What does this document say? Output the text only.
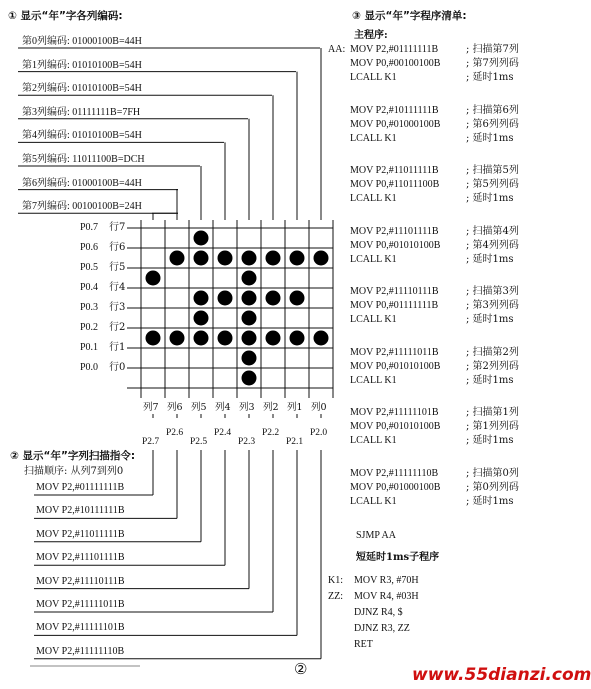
① 显示“年”字各列编码:
第0列编码: 01000100B=44H
第1列编码: 01010100B=54H
第2列编码: 01010100B=54H
第3列编码: 01111111B=7FH
第4列编码: 01010100B=54H
第5列编码: 11011100B=DCH
第6列编码: 01000100B=44H
第7列编码: 00100100B=24H
P0.7 行7
P0.6 行6
P0.5 行5
P0.4 行4
P0.3 行3
P0.2 行2
P0.1 行1
P0.0 行0
列7 列6 列5 列4 列3 列2 列1 列0
P2.7
P2.6
P2.5
P2.4
P2.3
P2.2
P2.1
P2.0
② 显示“年”字列扫描指令:
扫描顺序: 从列7到列0
MOV P2,#01111111B
MOV P2,#10111111B
MOV P2,#11011111B
MOV P2,#11101111B
MOV P2,#11110111B
MOV P2,#11111011B
MOV P2,#11111101B
MOV P2,#11111110B
③ 显示“年”字程序清单:
主程序:
AA: MOV P2,#01111111B	; 扫描第7列
MOV P0,#00100100B	; 第7列列码
LCALL K1	; 延时1ms
MOV P2,#10111111B	; 扫描第6列
MOV P0,#01000100B	; 第6列列码
LCALL K1	; 延时1ms
MOV P2,#11011111B	; 扫描第5列
MOV P0,#11011100B	; 第5列列码
LCALL K1	; 延时1ms
MOV P2,#11101111B	; 扫描第4列
MOV P0,#01010100B	; 第4列列码
LCALL K1	; 延时1ms
MOV P2,#11110111B	; 扫描第3列
MOV P0,#01111111B	; 第3列列码
LCALL K1	; 延时1ms
MOV P2,#11111011B	; 扫描第2列
MOV P0,#01010100B	; 第2列列码
LCALL K1	; 延时1ms
MOV P2,#11111101B	; 扫描第1列
MOV P0,#01010100B	; 第1列列码
LCALL K1	; 延时1ms
MOV P2,#11111110B	; 扫描第0列
MOV P0,#01000100B	; 第0列列码
LCALL K1	; 延时1ms
SJMP AA
短延时1ms子程序
K1: MOV R3, #70H
ZZ: MOV R4, #03H
DJNZ R4, $
DJNZ R3, ZZ
RET
②	www.55dianzi.com
